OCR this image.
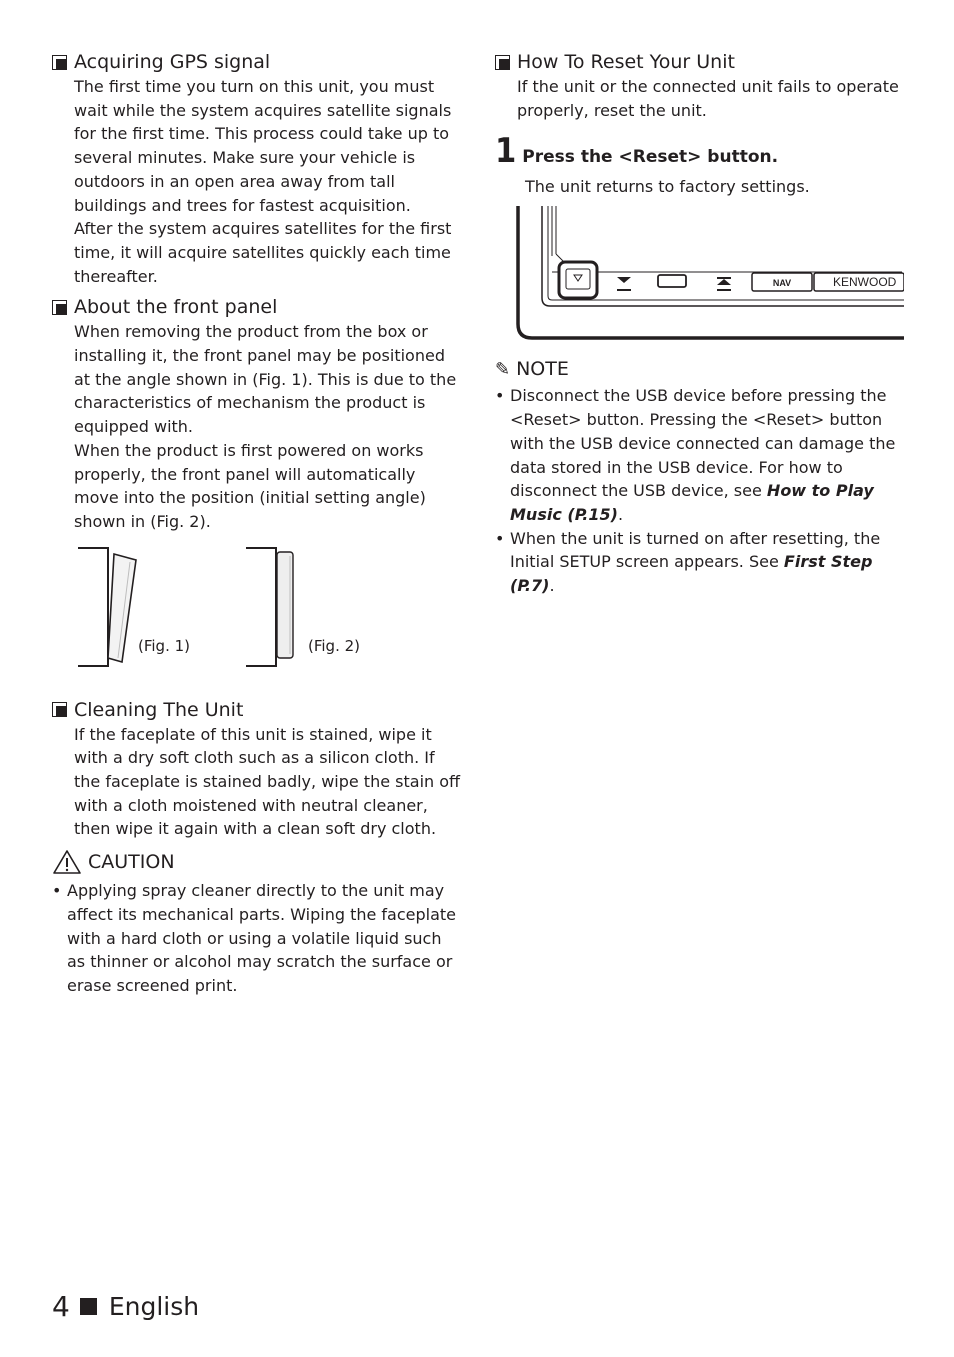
Acquiring GPS signal

The first time you turn on this unit, you must wait while the system acquires satellite signals for the first time. This process could take up to several minutes. Make sure your vehicle is outdoors in an open area away from tall buildings and trees for fastest acquisition.

After the system acquires satellites for the first time, it will acquire satellites quickly each time thereafter.

About the front panel

When removing the product from the box or installing it, the front panel may be positioned at the angle shown in (Fig. 1). This is due to the characteristics of mechanism the product is equipped with.

When the product is first powered on works properly, the front panel will automatically move into the position (initial setting angle) shown in (Fig. 2).

(Fig. 1)	(Fig. 2)
Cleaning The Unit

If the faceplate of this unit is stained, wipe it with a dry soft cloth such as a silicon cloth. If the faceplate is stained badly, wipe the stain off with a cloth moistened with neutral cleaner, then wipe it again with a clean soft dry cloth.

CAUTION
• Applying spray cleaner directly to the unit may affect its mechanical parts. Wiping the faceplate with a hard cloth or using a volatile liquid such as thinner or alcohol may scratch the surface or erase screened print.
How To Reset Your Unit

If the unit or the connected unit fails to operate properly, reset the unit.

1 Press the <Reset> button.
The unit returns to factory settings.
NAV	KENWOOD
✎ NOTE
• Disconnect the USB device before pressing the <Reset> button. Pressing the <Reset> button with the USB device connected can damage the data stored in the USB device. For how to disconnect the USB device, see How to Play Music (P.15).
• When the unit is turned on after resetting, the Initial SETUP screen appears. See First Step (P.7).
4 English
